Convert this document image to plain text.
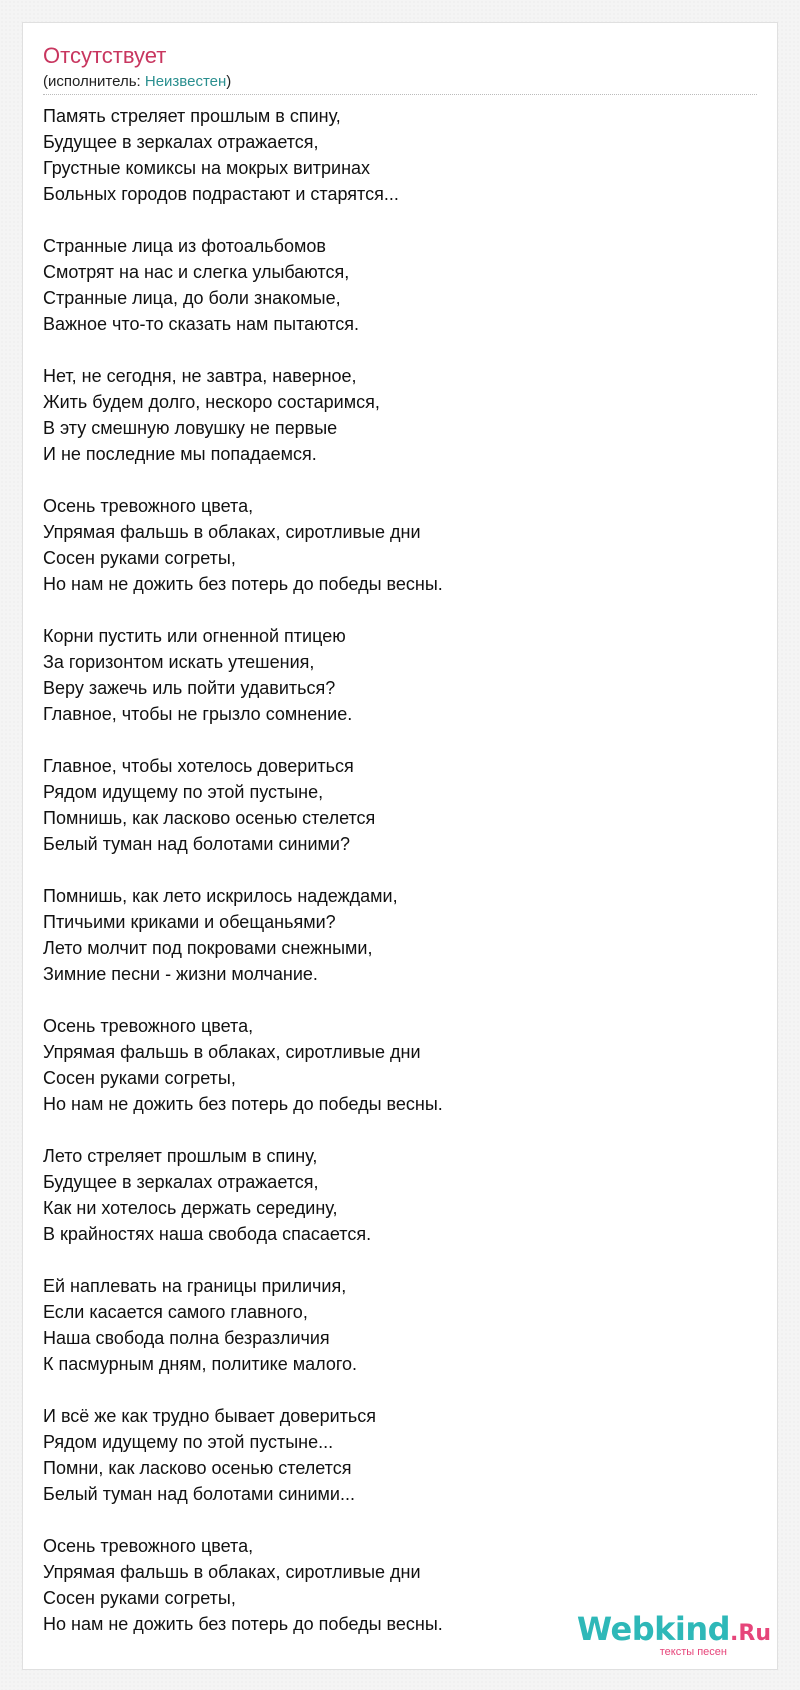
Отсутствует
(исполнитель: Неизвестен)
Память стреляет прошлым в спину,
Будущее в зеркалах отражается,
Грустные комиксы на мокрых витринах
Больных городов подрастают и старятся...
Странные лица из фотоальбомов
Смотрят на нас и слегка улыбаются,
Странные лица, до боли знакомые,
Важное что-то сказать нам пытаются.
Нет, не сегодня, не завтра, наверное,
Жить будем долго, нескоро состаримся,
В эту смешную ловушку не первые
И не последние мы попадаемся.
Осень тревожного цвета,
Упрямая фальшь в облаках, сиротливые дни
Сосен руками согреты,
Но нам не дожить без потерь до победы весны.
Корни пустить или огненной птицею
За горизонтом искать утешения,
Веру зажечь иль пойти удавиться?
Главное, чтобы не грызло сомнение.
Главное, чтобы хотелось довериться
Рядом идущему по этой пустыне,
Помнишь, как ласково осенью стелется
Белый туман над болотами синими?
Помнишь, как лето искрилось надеждами,
Птичьими криками и обещаньями?
Лето молчит под покровами снежными,
Зимние песни - жизни молчание.
Осень тревожного цвета,
Упрямая фальшь в облаках, сиротливые дни
Сосен руками согреты,
Но нам не дожить без потерь до победы весны.
Лето стреляет прошлым в спину,
Будущее в зеркалах отражается,
Как ни хотелось держать середину,
В крайностях наша свобода спасается.
Ей наплевать на границы приличия,
Если касается самого главного,
Наша свобода полна безразличия
К пасмурным дням, политике малого.
И всё же как трудно бывает довериться
Рядом идущему по этой пустыне...
Помни, как ласково осенью стелется
Белый туман над болотами синими...
Осень тревожного цвета,
Упрямая фальшь в облаках, сиротливые дни
Сосен руками согреты,
Но нам не дожить без потерь до победы весны.	Webkind.Ru
тексты песен
